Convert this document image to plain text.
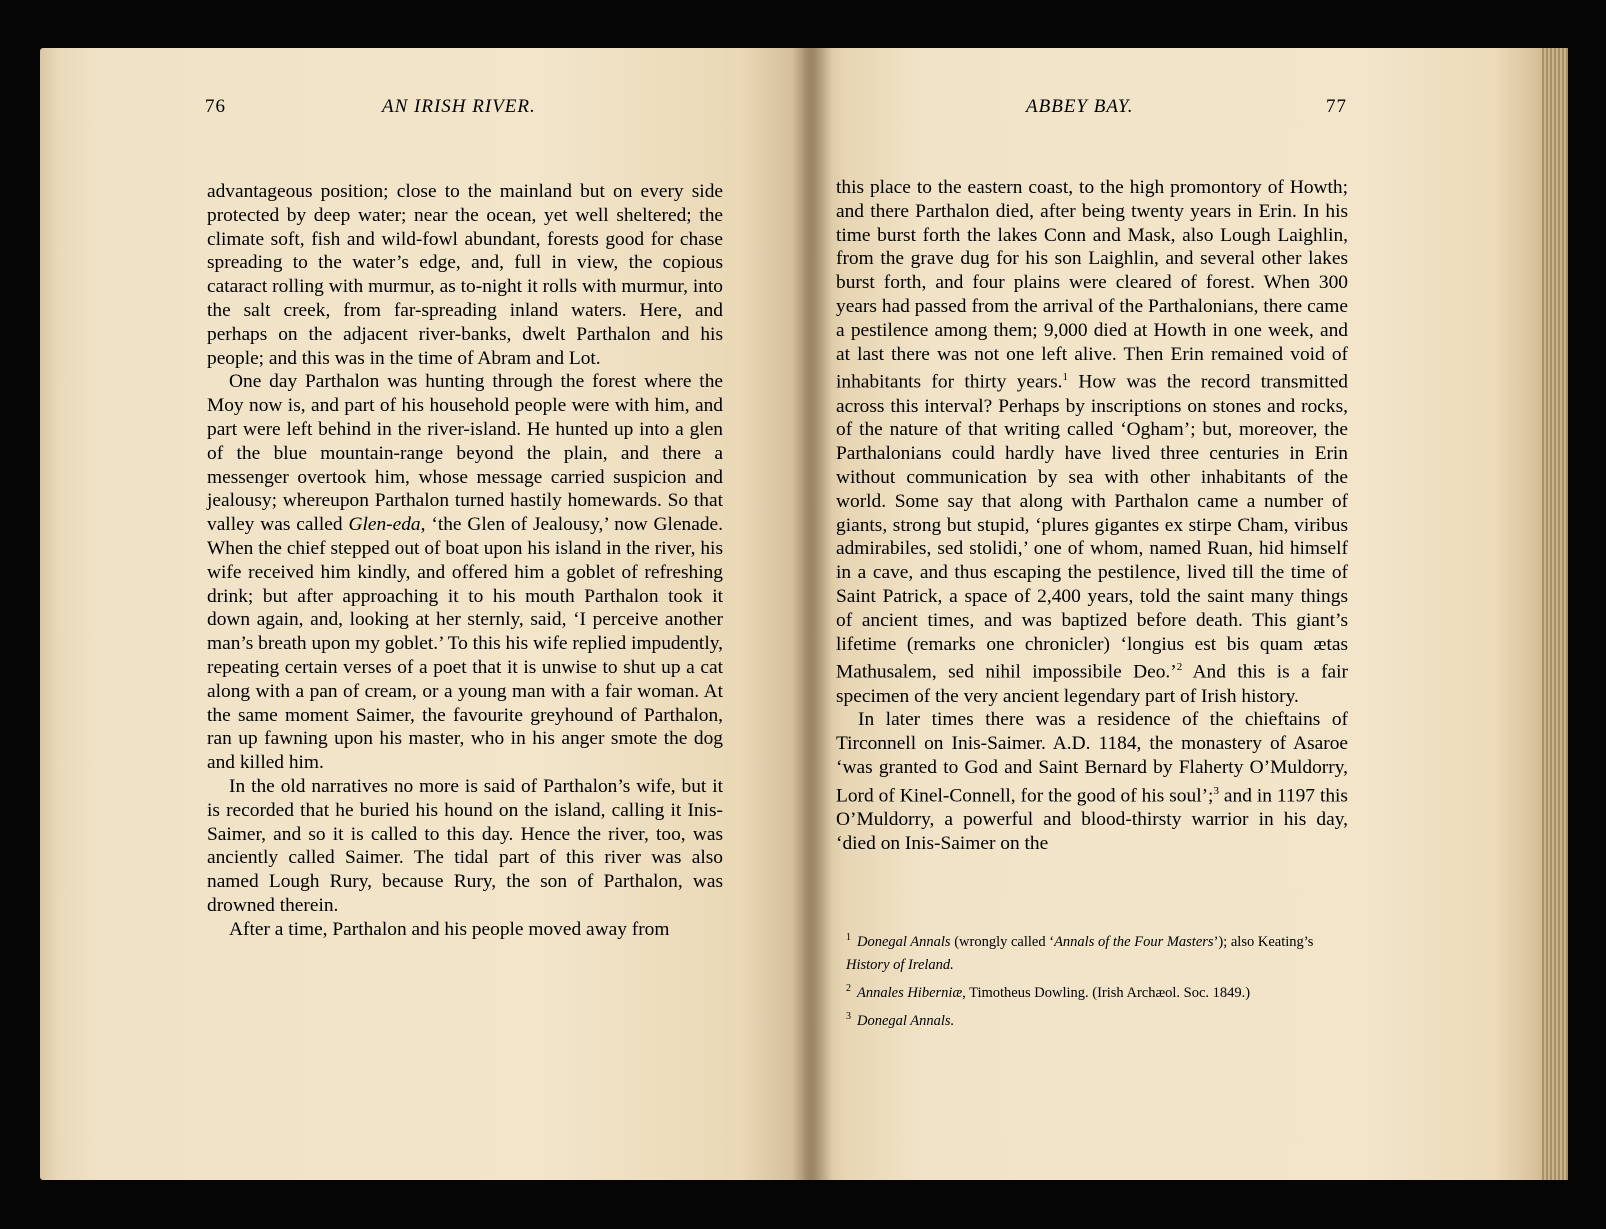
76	AN IRISH RIVER.	ABBEY BAY.	77

advantageous position; close to the mainland but on every side protected by deep water; near the ocean, yet well sheltered; the climate soft, fish and wild-fowl abundant, forests good for chase spreading to the water’s edge, and, full in view, the copious cataract rolling with murmur, as to-night it rolls with murmur, into the salt creek, from far-spreading inland waters. Here, and perhaps on the adjacent river-banks, dwelt Parthalon and his people; and this was in the time of Abram and Lot.

One day Parthalon was hunting through the forest where the Moy now is, and part of his household people were with him, and part were left behind in the river-island. He hunted up into a glen of the blue mountain-range beyond the plain, and there a messenger overtook him, whose message carried suspicion and jealousy; whereupon Parthalon turned hastily homewards. So that valley was called Glen-eda, ‘the Glen of Jealousy,’ now Glenade. When the chief stepped out of boat upon his island in the river, his wife received him kindly, and offered him a goblet of refreshing drink; but after approaching it to his mouth Parthalon took it down again, and, looking at her sternly, said, ‘I perceive another man’s breath upon my goblet.’ To this his wife replied impudently, repeating certain verses of a poet that it is unwise to shut up a cat along with a pan of cream, or a young man with a fair woman. At the same moment Saimer, the favourite greyhound of Parthalon, ran up fawning upon his master, who in his anger smote the dog and killed him.

In the old narratives no more is said of Parthalon’s wife, but it is recorded that he buried his hound on the island, calling it Inis-Saimer, and so it is called to this day. Hence the river, too, was anciently called Saimer. The tidal part of this river was also named Lough Rury, because Rury, the son of Parthalon, was drowned therein.

After a time, Parthalon and his people moved away from

this place to the eastern coast, to the high promontory of Howth; and there Parthalon died, after being twenty years in Erin. In his time burst forth the lakes Conn and Mask, also Lough Laighlin, from the grave dug for his son Laighlin, and several other lakes burst forth, and four plains were cleared of forest. When 300 years had passed from the arrival of the Parthalonians, there came a pestilence among them; 9,000 died at Howth in one week, and at last there was not one left alive. Then Erin remained void of inhabitants for thirty years.$^1$ How was the record transmitted across this interval? Perhaps by inscriptions on stones and rocks, of the nature of that writing called ‘Ogham’; but, moreover, the Parthalonians could hardly have lived three centuries in Erin without communication by sea with other inhabitants of the world. Some say that along with Parthalon came a number of giants, strong but stupid, ‘plures gigantes ex stirpe Cham, viribus admirabiles, sed stolidi,’ one of whom, named Ruan, hid himself in a cave, and thus escaping the pestilence, lived till the time of Saint Patrick, a space of 2,400 years, told the saint many things of ancient times, and was baptized before death. This giant’s lifetime (remarks one chronicler) ‘longius est bis quam ætas Mathusalem, sed nihil impossibile Deo.’$^2$ And this is a fair specimen of the very ancient legendary part of Irish history.

In later times there was a residence of the chieftains of Tirconnell on Inis-Saimer. A.D. 1184, the monastery of Asaroe ‘was granted to God and Saint Bernard by Flaherty O’Muldorry, Lord of Kinel-Connell, for the good of his soul’;$^3$ and in 1197 this O’Muldorry, a powerful and blood-thirsty warrior in his day, ‘died on Inis-Saimer on the

$^1$ Donegal Annals (wrongly called ‘Annals of the Four Masters’); also Keating’s History of Ireland.
$^2$ Annales Hiberniæ, Timotheus Dowling. (Irish Archæol. Soc. 1849.)
$^3$ Donegal Annals.
